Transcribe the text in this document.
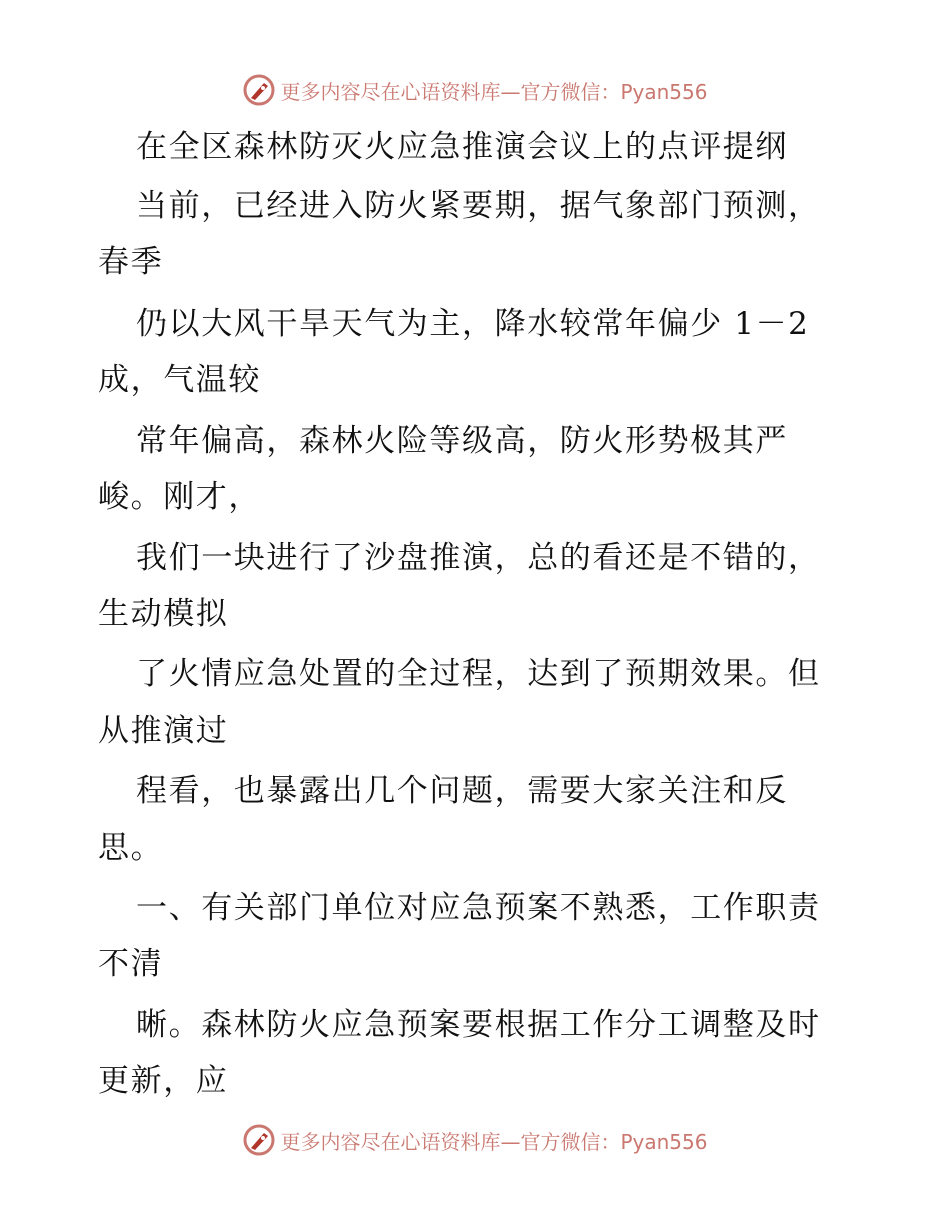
更多内容尽在心语资料库—官方微信：Pyan556
在全区森林防灭火应急推演会议上的点评提纲
当前，已经进入防火紧要期，据气象部门预测，
春季
仍以大风干旱天气为主，降水较常年偏少 1－2
成，气温较
常年偏高，森林火险等级高，防火形势极其严
峻。刚才，
我们一块进行了沙盘推演，总的看还是不错的，
生动模拟
了火情应急处置的全过程，达到了预期效果。但
从推演过
程看，也暴露出几个问题，需要大家关注和反
思。
一、有关部门单位对应急预案不熟悉，工作职责
不清
晰。森林防火应急预案要根据工作分工调整及时
更新，应
更多内容尽在心语资料库—官方微信：Pyan556
